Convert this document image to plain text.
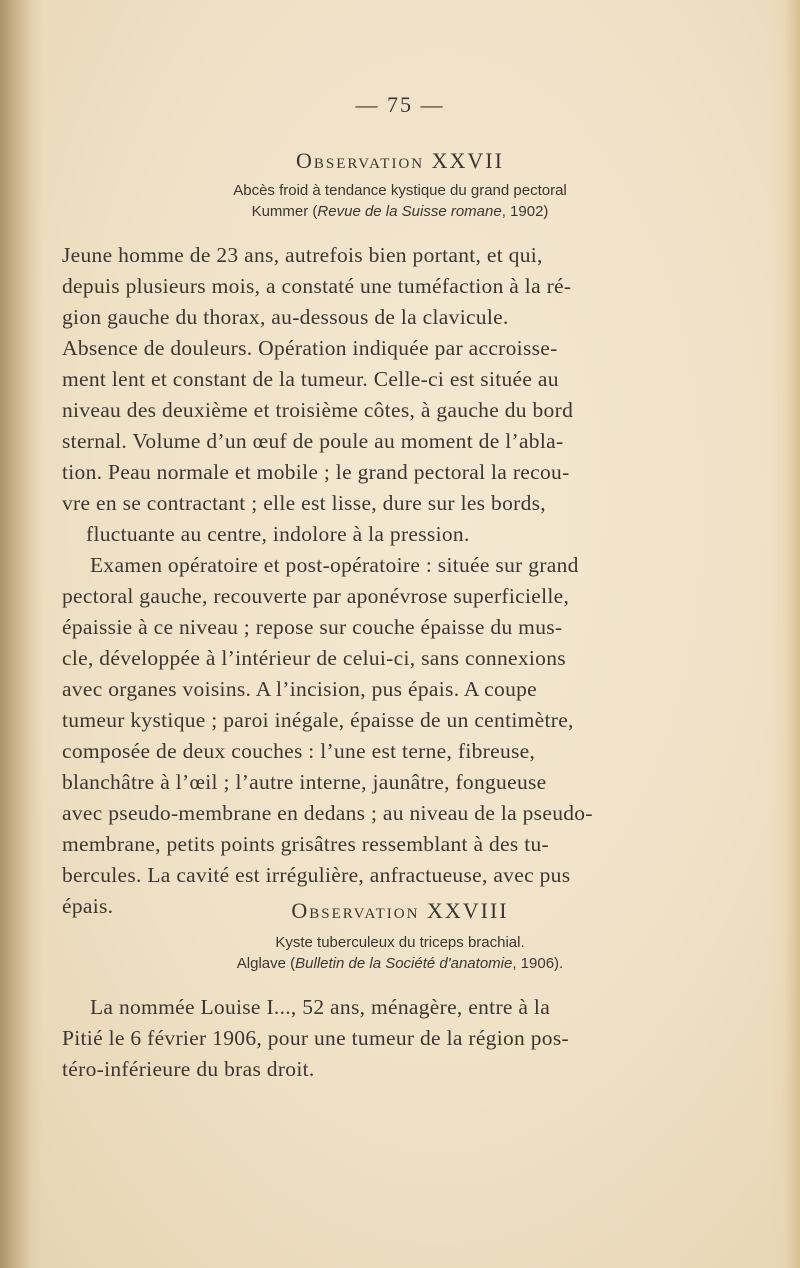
— 75 —
Observation XXVII
Abcès froid à tendance kystique du grand pectoral
Kummer (Revue de la Suisse romane, 1902)
Jeune homme de 23 ans, autrefois bien portant, et qui,
depuis plusieurs mois, a constaté une tuméfaction à la ré-
gion gauche du thorax, au-dessous de la clavicule.
Absence de douleurs. Opération indiquée par accroisse-
ment lent et constant de la tumeur. Celle-ci est située au
niveau des deuxième et troisième côtes, à gauche du bord
sternal. Volume d’un œuf de poule au moment de l’abla-
tion. Peau normale et mobile ; le grand pectoral la recou-
vre en se contractant ; elle est lisse, dure sur les bords,
fluctuante au centre, indolore à la pression.
Examen opératoire et post-opératoire : située sur grand
pectoral gauche, recouverte par aponévrose superficielle,
épaissie à ce niveau ; repose sur couche épaisse du mus-
cle, développée à l’intérieur de celui-ci, sans connexions
avec organes voisins. A l’incision, pus épais. A coupe
tumeur kystique ; paroi inégale, épaisse de un centimètre,
composée de deux couches : l’une est terne, fibreuse,
blanchâtre à l’œil ; l’autre interne, jaunâtre, fongueuse
avec pseudo-membrane en dedans ; au niveau de la pseudo-
membrane, petits points grisâtres ressemblant à des tu-
bercules. La cavité est irrégulière, anfractueuse, avec pus
épais.	Observation XXVIII
Kyste tuberculeux du triceps brachial.
Alglave (Bulletin de la Société d'anatomie, 1906).
La nommée Louise I..., 52 ans, ménagère, entre à la
Pitié le 6 février 1906, pour une tumeur de la région pos-
téro-inférieure du bras droit.
